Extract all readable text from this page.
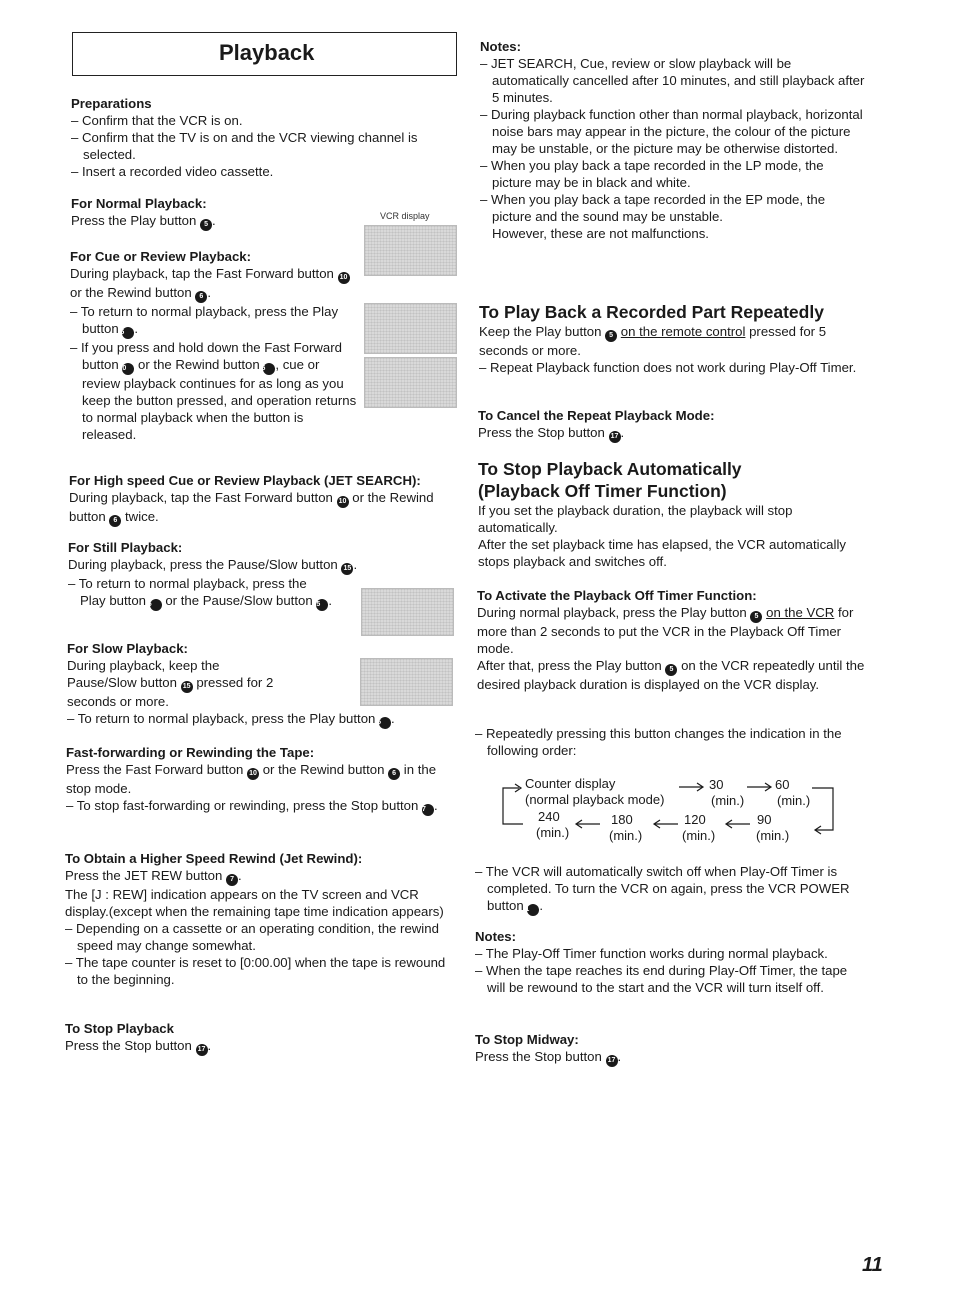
Playback

Preparations

– Confirm that the VCR is on.

– Confirm that the TV is on and the VCR viewing channel is selected.

– Insert a recorded video cassette.

For Normal Playback:

Press the Play button 5 .	VCR display

For Cue or Review Playback:

During playback, tap the Fast Forward button 10 or the Rewind button 6 .

– To return to normal playback, press the Play button 5 .

– If you press and hold down the Fast Forward button 10 or the Rewind button 6 , cue or review playback continues for as long as you keep the button pressed, and operation returns to normal playback when the button is released.

For High speed Cue or Review Playback (JET SEARCH):

During playback, tap the Fast Forward button 10 or the Rewind button 6 twice.

For Still Playback:

During playback, press the Pause/Slow button 15 .

– To return to normal playback, press the Play button 5 or the Pause/Slow button 15 .

For Slow Playback:

During playback, keep the Pause/Slow button 15 pressed for 2 seconds or more.

– To return to normal playback, press the Play button 5 .

Fast-forwarding or Rewinding the Tape:

Press the Fast Forward button 10 or the Rewind button 6 in the stop mode.

– To stop fast-forwarding or rewinding, press the Stop button 17 .

To Obtain a Higher Speed Rewind (Jet Rewind):

Press the JET REW button 7 .

The [J : REW] indication appears on the TV screen and VCR display.(except when the remaining tape time indication appears)

– Depending on a cassette or an operating condition, the rewind speed may change somewhat.

– The tape counter is reset to [0:00.00] when the tape is rewound to the beginning.

To Stop Playback

Press the Stop button 17 .

Notes:

– JET SEARCH, Cue, review or slow playback will be automatically cancelled after 10 minutes, and still playback after 5 minutes.

– During playback function other than normal playback, horizontal noise bars may appear in the picture, the colour of the picture may be unstable, or the picture may be otherwise distorted.

– When you play back a tape recorded in the LP mode, the picture may be in black and white.

– When you play back a tape recorded in the EP mode, the picture and the sound may be unstable.

However, these are not malfunctions.

To Play Back a Recorded Part Repeatedly

Keep the Play button 5 on the remote control pressed for 5 seconds or more.

– Repeat Playback function does not work during Play-Off Timer.

To Cancel the Repeat Playback Mode:

Press the Stop button 17 .

To Stop Playback Automatically

(Playback Off Timer Function)

If you set the playback duration, the playback will stop automatically.

After the set playback time has elapsed, the VCR automatically stops playback and switches off.

To Activate the Playback Off Timer Function:

During normal playback, press the Play button 5 on the VCR for more than 2 seconds to put the VCR in the Playback Off Timer mode.

After that, press the Play button 5 on the VCR repeatedly until the desired playback duration is displayed on the VCR display.

– Repeatedly pressing this button changes the indication in the following order:

Counter display
(normal playback mode)
30
(min.)
60
(min.)
90
(min.)
120
(min.)
180
(min.)
240
(min.)

– The VCR will automatically switch off when Play-Off Timer is completed. To turn the VCR on again, press the VCR POWER button 1 .

Notes:

– The Play-Off Timer function works during normal playback.

– When the tape reaches its end during Play-Off Timer, the tape will be rewound to the start and the VCR will turn itself off.

To Stop Midway:

Press the Stop button 17 .

11
